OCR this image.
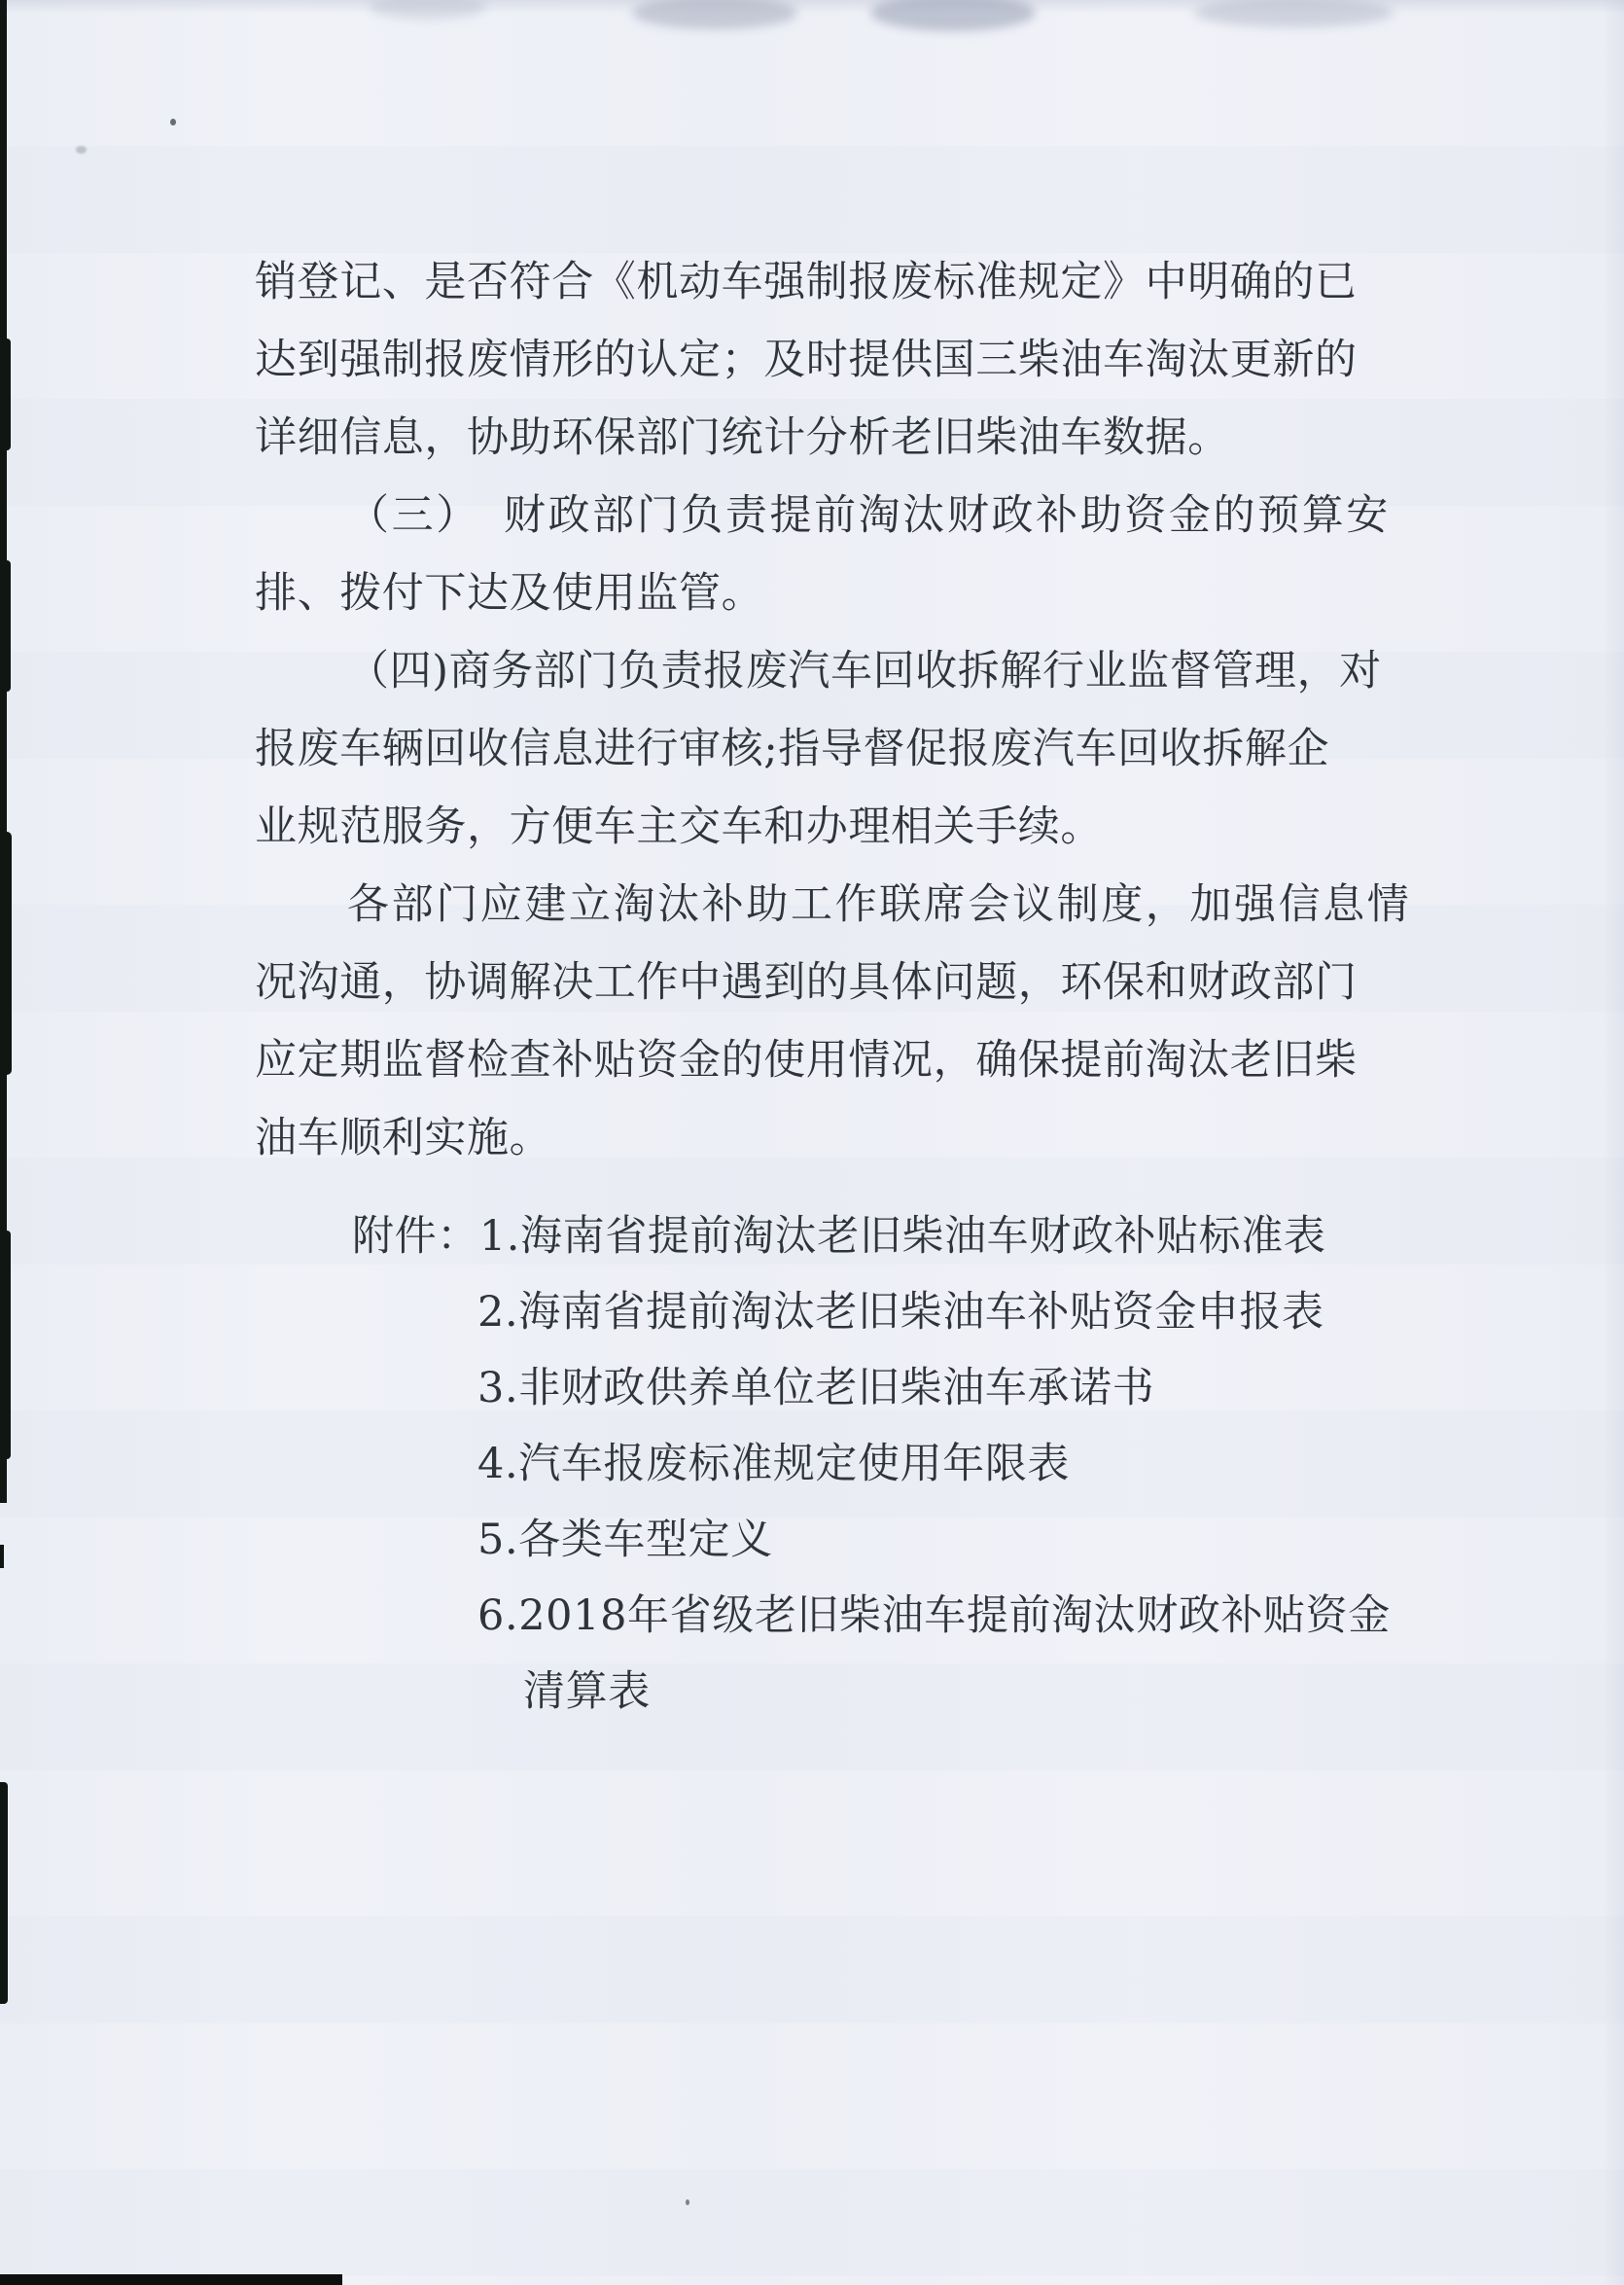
销登记、是否符合《机动车强制报废标准规定》中明确的已
达到强制报废情形的认定；及时提供国三柴油车淘汰更新的
详细信息，协助环保部门统计分析老旧柴油车数据。
（三）　财政部门负责提前淘汰财政补助资金的预算安
排、拨付下达及使用监管。
（四)商务部门负责报废汽车回收拆解行业监督管理，对
报废车辆回收信息进行审核;指导督促报废汽车回收拆解企
业规范服务，方便车主交车和办理相关手续。
各部门应建立淘汰补助工作联席会议制度，加强信息情
况沟通，协调解决工作中遇到的具体问题，环保和财政部门
应定期监督检查补贴资金的使用情况，确保提前淘汰老旧柴
油车顺利实施。
附件：1.海南省提前淘汰老旧柴油车财政补贴标准表
2.海南省提前淘汰老旧柴油车补贴资金申报表
3.非财政供养单位老旧柴油车承诺书
4.汽车报废标准规定使用年限表
5.各类车型定义
6.2018年省级老旧柴油车提前淘汰财政补贴资金
清算表
